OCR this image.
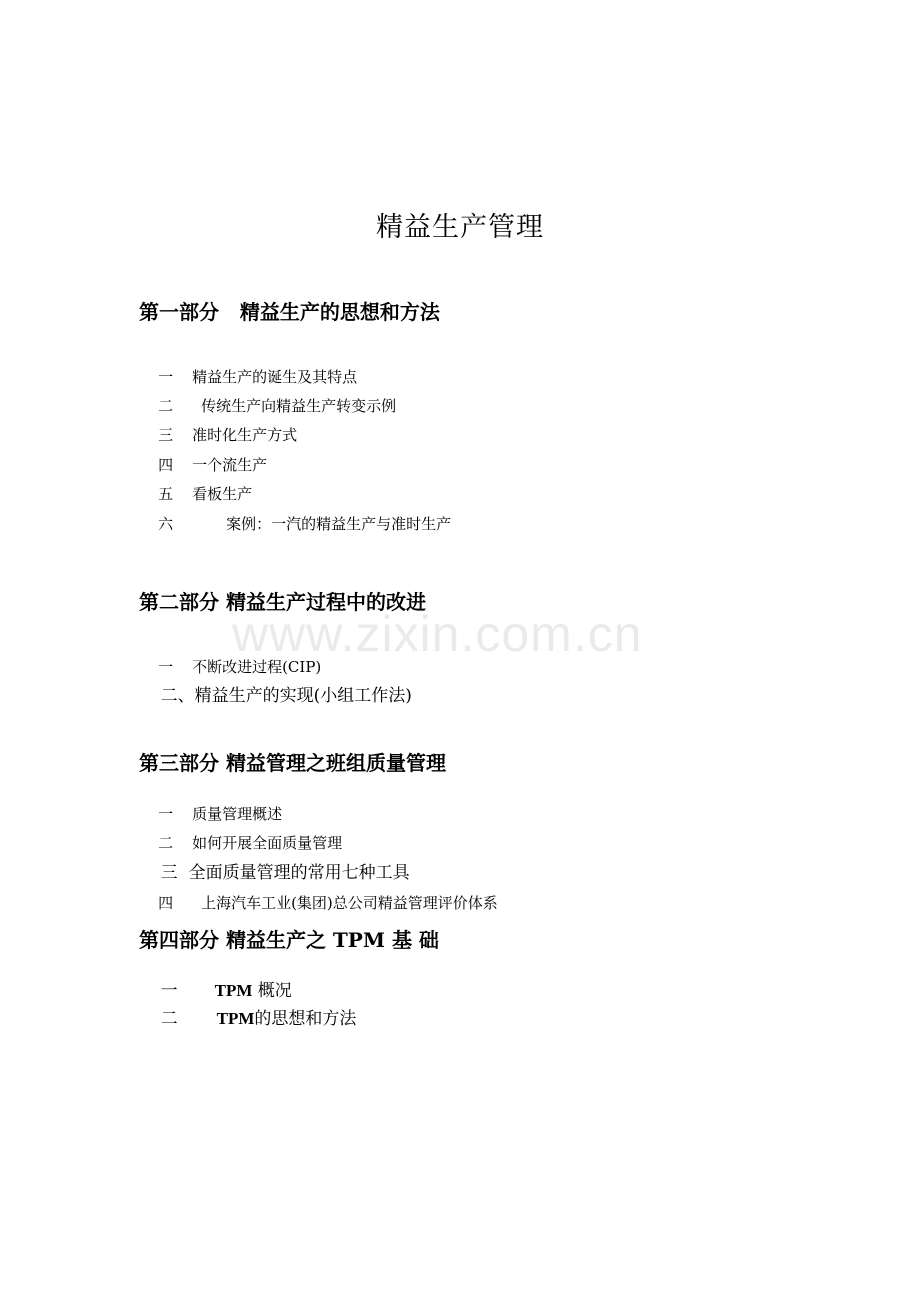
www.zixin.com.cn
精益生产管理
第一部分   精益生产的思想和方法

一 精益生产的诞生及其特点

二 传统生产向精益生产转变示例

三 准时化生产方式

四 一个流生产

五 看板生产

六	案例：一汽的精益生产与准时生产

第二部分 精益生产过程中的改进

一 不断改进过程(CIP)

二、精益生产的实现(小组工作法)

第三部分 精益管理之班组质量管理

一 质量管理概述

二 如何开展全面质量管理

三 全面质量管理的常用七种工具

四 上海汽车工业(集团)总公司精益管理评价体系

第四部分 精益生产之 TPM 基 础

一 TPM 概况

二 TPM的思想和方法
